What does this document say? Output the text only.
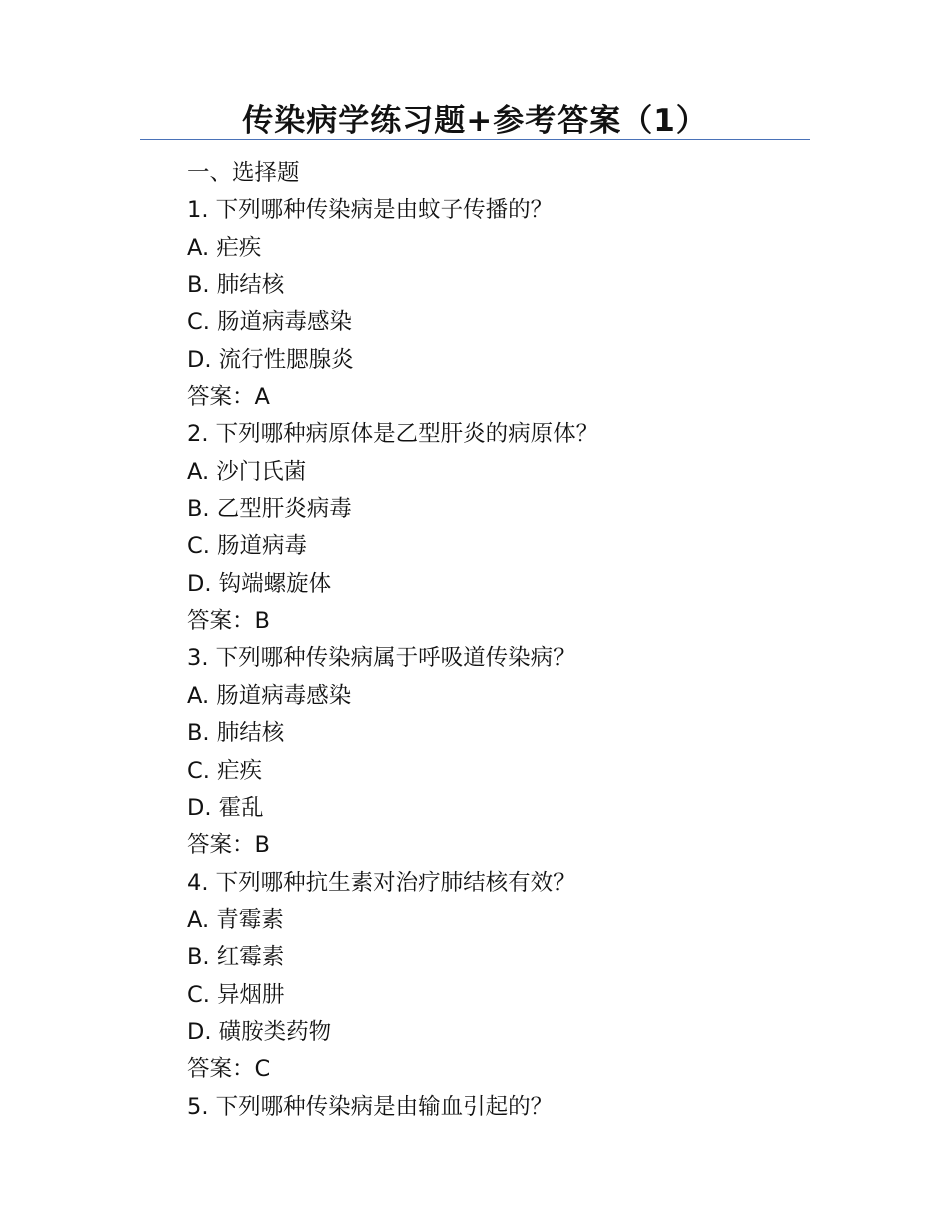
传染病学练习题+参考答案（1）
一、选择题
1. 下列哪种传染病是由蚊子传播的？
A. 疟疾
B. 肺结核
C. 肠道病毒感染
D. 流行性腮腺炎
答案：A
2. 下列哪种病原体是乙型肝炎的病原体？
A. 沙门氏菌
B. 乙型肝炎病毒
C. 肠道病毒
D. 钩端螺旋体
答案：B
3. 下列哪种传染病属于呼吸道传染病？
A. 肠道病毒感染
B. 肺结核
C. 疟疾
D. 霍乱
答案：B
4. 下列哪种抗生素对治疗肺结核有效？
A. 青霉素
B. 红霉素
C. 异烟肼
D. 磺胺类药物
答案：C
5. 下列哪种传染病是由输血引起的？
